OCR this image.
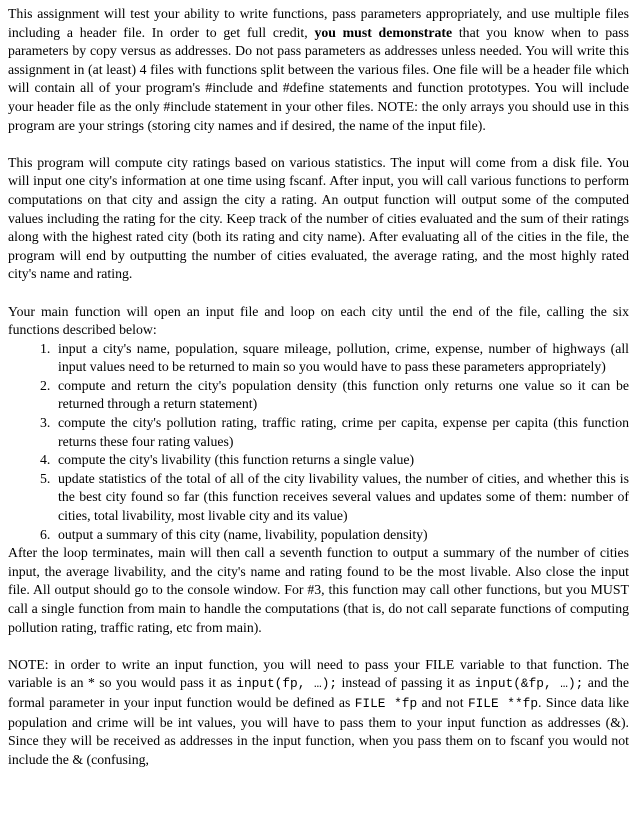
This assignment will test your ability to write functions, pass parameters appropriately, and use multiple files including a header file. In order to get full credit, you must demonstrate that you know when to pass parameters by copy versus as addresses. Do not pass parameters as addresses unless needed. You will write this assignment in (at least) 4 files with functions split between the various files. One file will be a header file which will contain all of your program's #include and #define statements and function prototypes. You will include your header file as the only #include statement in your other files. NOTE: the only arrays you should use in this program are your strings (storing city names and if desired, the name of the input file).

This program will compute city ratings based on various statistics. The input will come from a disk file. You will input one city's information at one time using fscanf. After input, you will call various functions to perform computations on that city and assign the city a rating. An output function will output some of the computed values including the rating for the city. Keep track of the number of cities evaluated and the sum of their ratings along with the highest rated city (both its rating and city name). After evaluating all of the cities in the file, the program will end by outputting the number of cities evaluated, the average rating, and the most highly rated city's name and rating.

Your main function will open an input file and loop on each city until the end of the file, calling the six functions described below:
1. input a city's name, population, square mileage, pollution, crime, expense, number of highways (all input values need to be returned to main so you would have to pass these parameters appropriately)
2. compute and return the city's population density (this function only returns one value so it can be returned through a return statement)
3. compute the city's pollution rating, traffic rating, crime per capita, expense per capita (this function returns these four rating values)
4. compute the city's livability (this function returns a single value)
5. update statistics of the total of all of the city livability values, the number of cities, and whether this is the best city found so far (this function receives several values and updates some of them: number of cities, total livability, most livable city and its value)
6. output a summary of this city (name, livability, population density)
After the loop terminates, main will then call a seventh function to output a summary of the number of cities input, the average livability, and the city's name and rating found to be the most livable. Also close the input file. All output should go to the console window. For #3, this function may call other functions, but you MUST call a single function from main to handle the computations (that is, do not call separate functions of computing pollution rating, traffic rating, etc from main).

NOTE: in order to write an input function, you will need to pass your FILE variable to that function. The variable is an * so you would pass it as input(fp, …); instead of passing it as input(&fp, …); and the formal parameter in your input function would be defined as FILE *fp and not FILE **fp. Since data like population and crime will be int values, you will have to pass them to your input function as addresses (&). Since they will be received as addresses in the input function, when you pass them on to fscanf you would not include the & (confusing,
